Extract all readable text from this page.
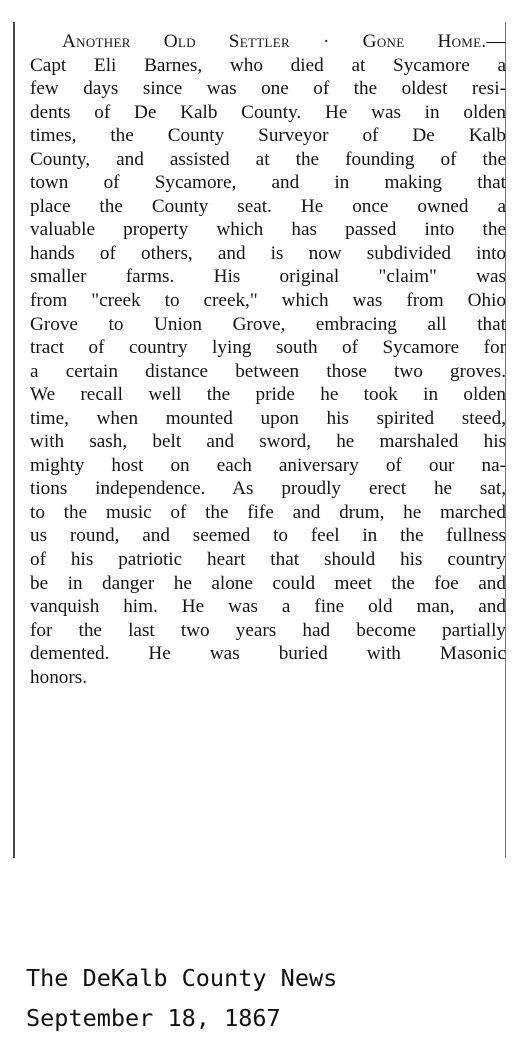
Another Old Settler · Gone Home.—
Capt Eli Barnes, who died at Sycamore a
few days since was one of the oldest resi-
dents of De Kalb County. He was in olden
times, the County Surveyor of De Kalb
County, and assisted at the founding of the
town of Sycamore, and in making that
place the County seat. He once owned a
valuable property which has passed into the
hands of others, and is now subdivided into
smaller farms. His original "claim" was
from "creek to creek," which was from Ohio
Grove to Union Grove, embracing all that
tract of country lying south of Sycamore for
a certain distance between those two groves.
We recall well the pride he took in olden
time, when mounted upon his spirited steed,
with sash, belt and sword, he marshaled his
mighty host on each aniversary of our na-
tions independence. As proudly erect he sat,
to the music of the fife and drum, he marched
us round, and seemed to feel in the fullness
of his patriotic heart that should his country
be in danger he alone could meet the foe and
vanquish him. He was a fine old man, and
for the last two years had become partially
demented. He was buried with Masonic
honors.
The DeKalb County News
September 18, 1867
